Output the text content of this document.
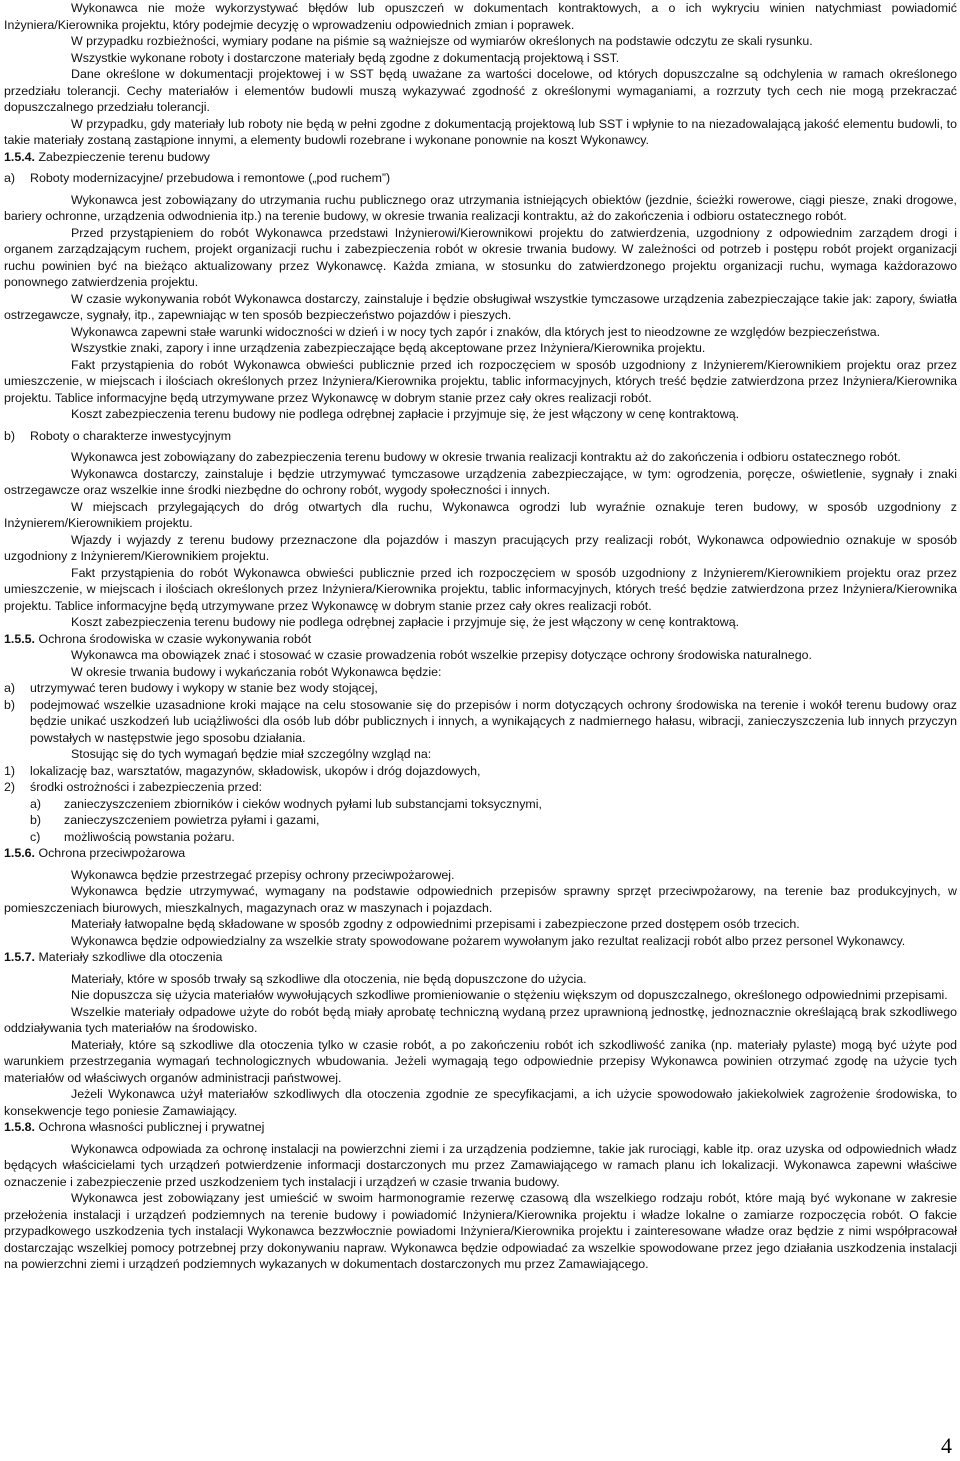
Wykonawca nie może wykorzystywać błędów lub opuszczeń w dokumentach kontraktowych, a o ich wykryciu winien natychmiast powiadomić Inżyniera/Kierownika projektu, który podejmie decyzję o wprowadzeniu odpowiednich zmian i poprawek.

W przypadku rozbieżności, wymiary podane na piśmie są ważniejsze od wymiarów określonych na podstawie odczytu ze skali rysunku.

Wszystkie wykonane roboty i dostarczone materiały będą zgodne z dokumentacją projektową i SST.

Dane określone w dokumentacji projektowej i w SST będą uważane za wartości docelowe, od których dopuszczalne są odchylenia w ramach określonego przedziału tolerancji. Cechy materiałów i elementów budowli muszą wykazywać zgodność z określonymi wymaganiami, a rozrzuty tych cech nie mogą przekraczać dopuszczalnego przedziału tolerancji.

W przypadku, gdy materiały lub roboty nie będą w pełni zgodne z dokumentacją projektową lub SST i wpłynie to na niezadowalającą jakość elementu budowli, to takie materiały zostaną zastąpione innymi, a elementy budowli rozebrane i wykonane ponownie na koszt Wykonawcy.

1.5.4. Zabezpieczenie terenu budowy

a)	Roboty modernizacyjne/ przebudowa i remontowe („pod ruchem”)

Wykonawca jest zobowiązany do utrzymania ruchu publicznego oraz utrzymania istniejących obiektów (jezdnie, ścieżki rowerowe, ciągi piesze, znaki drogowe, bariery ochronne, urządzenia odwodnienia itp.) na terenie budowy, w okresie trwania realizacji kontraktu, aż do zakończenia i odbioru ostatecznego robót.

Przed przystąpieniem do robót Wykonawca przedstawi Inżynierowi/Kierownikowi projektu do zatwierdzenia, uzgodniony z odpowiednim zarządem drogi i organem zarządzającym ruchem, projekt organizacji ruchu i zabezpieczenia robót w okresie trwania budowy. W zależności od potrzeb i postępu robót projekt organizacji ruchu powinien być na bieżąco aktualizowany przez Wykonawcę. Każda zmiana, w stosunku do zatwierdzonego projektu organizacji ruchu, wymaga każdorazowo ponownego zatwierdzenia projektu.

W czasie wykonywania robót Wykonawca dostarczy, zainstaluje i będzie obsługiwał wszystkie tymczasowe urządzenia zabezpieczające takie jak: zapory, światła ostrzegawcze, sygnały, itp., zapewniając w ten sposób bezpieczeństwo pojazdów i pieszych.

Wykonawca zapewni stałe warunki widoczności w dzień i w nocy tych zapór i znaków, dla których jest to nieodzowne ze względów bezpieczeństwa.

Wszystkie znaki, zapory i inne urządzenia zabezpieczające będą akceptowane przez Inżyniera/Kierownika projektu.

Fakt przystąpienia do robót Wykonawca obwieści publicznie przed ich rozpoczęciem w sposób uzgodniony z Inżynierem/Kierownikiem projektu oraz przez umieszczenie, w miejscach i ilościach określonych przez Inżyniera/Kierownika projektu, tablic informacyjnych, których treść będzie zatwierdzona przez Inżyniera/Kierownika projektu. Tablice informacyjne będą utrzymywane przez Wykonawcę w dobrym stanie przez cały okres realizacji robót.

Koszt zabezpieczenia terenu budowy nie podlega odrębnej zapłacie i przyjmuje się, że jest włączony w cenę kontraktową.

b)	Roboty o charakterze inwestycyjnym

Wykonawca jest zobowiązany do zabezpieczenia terenu budowy w okresie trwania realizacji kontraktu aż do zakończenia i odbioru ostatecznego robót.

Wykonawca dostarczy, zainstaluje i będzie utrzymywać tymczasowe urządzenia zabezpieczające, w tym: ogrodzenia, poręcze, oświetlenie, sygnały i znaki ostrzegawcze oraz wszelkie inne środki niezbędne do ochrony robót, wygody społeczności i innych.

W miejscach przylegających do dróg otwartych dla ruchu, Wykonawca ogrodzi lub wyraźnie oznakuje teren budowy, w sposób uzgodniony z Inżynierem/Kierownikiem projektu.

Wjazdy i wyjazdy z terenu budowy przeznaczone dla pojazdów i maszyn pracujących przy realizacji robót, Wykonawca odpowiednio oznakuje w sposób uzgodniony z Inżynierem/Kierownikiem projektu.

Fakt przystąpienia do robót Wykonawca obwieści publicznie przed ich rozpoczęciem w sposób uzgodniony z Inżynierem/Kierownikiem projektu oraz przez umieszczenie, w miejscach i ilościach określonych przez Inżyniera/Kierownika projektu, tablic informacyjnych, których treść będzie zatwierdzona przez Inżyniera/Kierownika projektu. Tablice informacyjne będą utrzymywane przez Wykonawcę w dobrym stanie przez cały okres realizacji robót.

Koszt zabezpieczenia terenu budowy nie podlega odrębnej zapłacie i przyjmuje się, że jest włączony w cenę kontraktową.

1.5.5. Ochrona środowiska w czasie wykonywania robót

Wykonawca ma obowiązek znać i stosować w czasie prowadzenia robót wszelkie przepisy dotyczące ochrony środowiska naturalnego.

W okresie trwania budowy i wykańczania robót Wykonawca będzie:

a)	utrzymywać teren budowy i wykopy w stanie bez wody stojącej,
b)	podejmować wszelkie uzasadnione kroki mające na celu stosowanie się do przepisów i norm dotyczących ochrony środowiska na terenie i wokół terenu budowy oraz będzie unikać uszkodzeń lub uciążliwości dla osób lub dóbr publicznych i innych, a wynikających z nadmiernego hałasu, wibracji, zanieczyszczenia lub innych przyczyn powstałych w następstwie jego sposobu działania.

Stosując się do tych wymagań będzie miał szczególny wzgląd na:

1)	lokalizację baz, warsztatów, magazynów, składowisk, ukopów i dróg dojazdowych,
2)	środki ostrożności i zabezpieczenia przed:
a)	zanieczyszczeniem zbiorników i cieków wodnych pyłami lub substancjami toksycznymi,
b)	zanieczyszczeniem powietrza pyłami i gazami,
c)	możliwością powstania pożaru.

1.5.6. Ochrona przeciwpożarowa

Wykonawca będzie przestrzegać przepisy ochrony przeciwpożarowej.

Wykonawca będzie utrzymywać, wymagany na podstawie odpowiednich przepisów sprawny sprzęt przeciwpożarowy, na terenie baz produkcyjnych, w pomieszczeniach biurowych, mieszkalnych, magazynach oraz w maszynach i pojazdach.

Materiały łatwopalne będą składowane w sposób zgodny z odpowiednimi przepisami i zabezpieczone przed dostępem osób trzecich.

Wykonawca będzie odpowiedzialny za wszelkie straty spowodowane pożarem wywołanym jako rezultat realizacji robót albo przez personel Wykonawcy.

1.5.7. Materiały szkodliwe dla otoczenia

Materiały, które w sposób trwały są szkodliwe dla otoczenia, nie będą dopuszczone do użycia.

Nie dopuszcza się użycia materiałów wywołujących szkodliwe promieniowanie o stężeniu większym od dopuszczalnego, określonego odpowiednimi przepisami.

Wszelkie materiały odpadowe użyte do robót będą miały aprobatę techniczną wydaną przez uprawnioną jednostkę, jednoznacznie określającą brak szkodliwego oddziaływania tych materiałów na środowisko.

Materiały, które są szkodliwe dla otoczenia tylko w czasie robót, a po zakończeniu robót ich szkodliwość zanika (np. materiały pylaste) mogą być użyte pod warunkiem przestrzegania wymagań technologicznych wbudowania. Jeżeli wymagają tego odpowiednie przepisy Wykonawca powinien otrzymać zgodę na użycie tych materiałów od właściwych organów administracji państwowej.

Jeżeli Wykonawca użył materiałów szkodliwych dla otoczenia zgodnie ze specyfikacjami, a ich użycie spowodowało jakiekolwiek zagrożenie środowiska, to konsekwencje tego poniesie Zamawiający.

1.5.8. Ochrona własności publicznej i prywatnej

Wykonawca odpowiada za ochronę instalacji na powierzchni ziemi i za urządzenia podziemne, takie jak rurociągi, kable itp. oraz uzyska od odpowiednich władz będących właścicielami tych urządzeń potwierdzenie informacji dostarczonych mu przez Zamawiającego w ramach planu ich lokalizacji. Wykonawca zapewni właściwe oznaczenie i zabezpieczenie przed uszkodzeniem tych instalacji i urządzeń w czasie trwania budowy.

Wykonawca jest zobowiązany jest umieścić w swoim harmonogramie rezerwę czasową dla wszelkiego rodzaju robót, które mają być wykonane w zakresie przełożenia instalacji i urządzeń podziemnych na terenie budowy i powiadomić Inżyniera/Kierownika projektu i władze lokalne o zamiarze rozpoczęcia robót. O fakcie przypadkowego uszkodzenia tych instalacji Wykonawca bezzwłocznie powiadomi Inżyniera/Kierownika projektu i zainteresowane władze oraz będzie z nimi współpracował dostarczając wszelkiej pomocy potrzebnej przy dokonywaniu napraw. Wykonawca będzie odpowiadać za wszelkie spowodowane przez jego działania uszkodzenia instalacji na powierzchni ziemi i urządzeń podziemnych wykazanych w dokumentach dostarczonych mu przez Zamawiającego.

4
